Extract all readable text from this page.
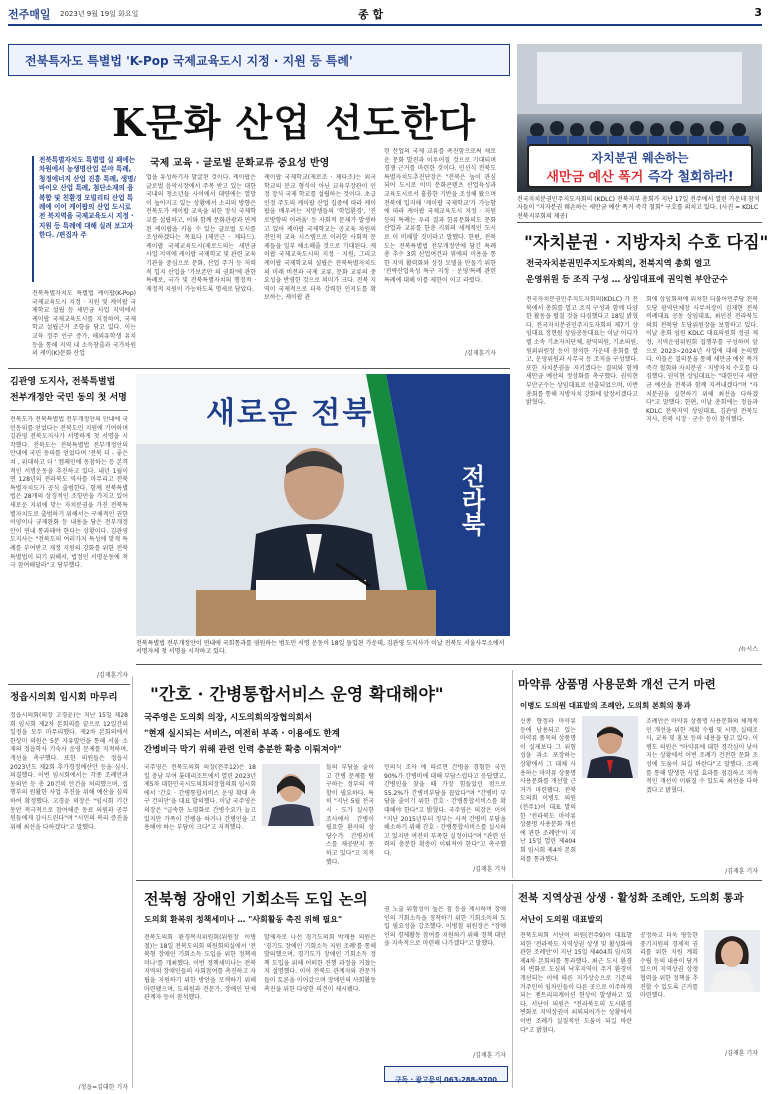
전주매일 2023년 9월 19일 화요일	종 합	3
전북특자도 특별법 'K-Pop 국제교육도시 지정 · 지원 등 특례'
K문화 산업 선도한다
전북특별자치도 특별법 실 패에는 차원에서 농생명산업 분야 특례, 청정에너지 산업 진흥 특례, 생명/바이오 산업 특례, 첨단소재의 융복합 및 친환경 모빌리티 산업 특례에 이어 케이팝의 산업 도시로 전 북지역을 국제교육도시 지정 · 지원 등 특례에 대해 실려 보고자 한다. /편집자 주
국제 교육 · 글로벌 문화교류 중요성 반영
전북특별자치도 특별법 케이팝(K-Pop) 국제교육도시 지정 · 지원 및 케이팝 국제학교 설립 등 새만금 사업 지역에서 케이팝 국제교육도시를 지정하여, 국제학교 설립근거 조항을 담고 있다. 이는 교육 정주 인구 증가, 해외유학생 유치 등을 통해 지역 내 소득창출과 국가차원의 케이(K)문화 산업
업을 유성하기자 발굴된 것이다. 케이팝은 글로벌 음악시장에서 주목 받고 있는 대한 국내의 청소년들 사이에서 대량에는 열망이 높아지고 있는 상황에서 소리의 방향은 전북도가 케이팝 교육을 위한 장식 국제학교를 설립하고, 이와 함께 문화관광과 연계된 케이팝을 키울 수 있는 글로벌 도시를 조성하겠다는 목표다 (제안근 · 제타드). 케이팝 국제교육도시(제로드의는 새만금사업 지역에 케이팝 국제학교 및 관련 교육기관을 중심으로 문화, 산업 주거 등 저력적 입지 산업을 '가보존만 의 권화'에 관한 특례로, 국가 및 전북특별자치의 행정적 · 재정적 지원이 가능하도록 명세로 담았다.
케이팝 국제학교(제로조 · 제타조)는 외국학교의 분교 형식이 아닌 교육부장관이 인정 장식 국제 학교를 설립하는 것이다. 초급 인정 주도의 케이팝 산업 집중에 따라 케이팝을 배우려는 지망생들의 '학업환경', '진로방향의 어려움' 등 사회적 문제가 발생하고 있어 케이팝 국제학교는 공교육 차원의 전인적 교육 시스템으로 이러한 사회적 문제들을 일부 해소해줄 것으로 기대된다. 케이팝 국제교육도시의 지정 · 지원, 그리고 케이팝 국제학교의 설립은 전북특별자치도의 미래 비전과 국제 교류, 문화 교류의 중요성을 반영한 것으로 의미가 크다. 전북 지역이 국제적으로 더욱 강력한 인지도를 확보하는, 케이팝 관
련 산업의 국제 교류를 촉진함으로써 새로운 문화 발전과 이루어질 것으로 기대되며 경쟁 근거를 마련한 것이다. 민선식 전북도 특별자치도추진단장은 "전북은 높이 관심되어 도시로 이미 문화콘텐츠 산업육성과 교육도시로서 훌륭한 기반을 조성해 왔으며 전북에 입지해 '케이팝 국제학교'가 가능함에 따라 케이팝 국제교육도시 지정 · 지원 등의 특례는 우리 결과 한류문화의도 문화산업과 교류를 한층 키워의 세계적인 도시로 이 비해할 것이라고 말했다. 한편, 전북도는 전북특별법 전부개정안에 담긴 특례 총 추수 3회 산업여건과 엮에의 이용을 통한 지역 활력화와 성장 모델을 만들기 위한 '전략산업육성 특구 지정 · 운영'특례 관련 특례에 대해 이를 제한이 이고 라렸다.
/김재훈기자
자치분권 웨손하는
새만금 예산 폭거 즉각 철회하라!
전국자치분권민주지도자회의 (KDLC) 전북지부 총회가 지난 17일 전주에서 열린 가운데 참석자들이 "지자분권 웨손하는 새만금 예산 폭거 즉각 철회" 구호를 외치고 있다. (사진 = KDLC전북지부회의 제공)
"자치분권 · 지방자치 수호 다짐"
전국자치분권민주지도자회의, 전북지역 총회 열고
운영위원 등 조직 구성 … 상임대표에 권익현 부안군수
전국자치분권민주지도자회의(KDLC) 가 전북에서 총회를 열고 조직 구성과 함께 다양한 활동을 펼칠 것을 다짐했다고 18일 밝혔다. 전국자치분권민주지도자회의 제7기 상임대표 정현원 상임공동대표는 이날 어디가별 소속 기초자치단체, 광역의원, 기초의원, 원외위원장 등이 참석한 가운데 총회를 열고, 운영위원과 사무국 등 조직을 구성했다. 또한 자치분권을 지키겠다는 결의와 함께 새만금 예산의 정상화를 촉구했다. 권익현 부안군수는 상임대표로 선출되었으며, 이번 총회를 통해 지방자치 강화에 앞장서겠다고 밝혔다.
회에 상임회의에 위치한 더불어민주당 전북도당 광역단체장 사무처장이 김재현 전북 비례대표 공동 상임대표, 최인진 전라북도의회 전북당 도당위원장을 보험하고 있다. 이날 총회 임원 KDLC 대표의원회 정권 제정, 지역운영위원회 집행부를 구성하며 앞으로 2023~2024년 사업에 대해 논의했다. 이들은 결의문을 통해 새만금 예산 폭거 즉각 철회와 자치분권 · 지방자치 수호를 다짐했다. 권익현 상임대표는 "대한민국 새만금 예산을 전북과 함께 지켜내겠다"며 "자치분권을 실현하기 위해 최선을 다하겠다"고 말했다. 한편, 이날 총회에는 정읍과 KDLC 전북지역 상임대표, 김관영 전북도지사, 전북 시장 · 군수 등이 참석했다.
/뉴시스
김관영 도지사, 전북특별법
전부개정안 국민 동의 첫 서명
전북도가 전북특별법 전부개정안의 안내에 국민동의를 얻었다는 전북도민 지원에 기여하며 김관영 전북도지사가 서명하게 첫 서명을 시작했다. 전북도는 전북특별법 전부개정안의 안내에 국민 동의를 얻었다며 '전북 더 - 좋은 쳐 , 위대하고 더 ' 캠페인에 동참하는 등 본격적인 서명운동을 추진하고 있다. 내년 1월이면 128년의 전라북도 역사를 마무리고 전북특별자치도가 공식 출범한다. 함께 전북특별법은 28개의 상징적인 조항만을 가지고 있어 새로운 지위에 맞는 자치분권을 가진 전북특별자치도로 출범하기 위해서는 구체적인 권한 이양이나 규제완화 등 내용을 담은 전부개정안이 연내 통과돼야 한다는 상황이다. 김관영 도지사는 "전북도의 여러가지 특성에 맞게 특례를 부여받고 재정 지원의 강화를 위한 전북특별법이 되기 위해서, 법정인 서명운동에 적극 참여해달라"고 당부했다.
/김재훈기자
새로운 전북
전라북
전북특별법 전부개정안이 연내에 국회통과를 염원하는 범도민 서명 운동이 18일 돌입된 가운데, 김관영 도지사가 이날 전북도 서울사무소에서 서명자체 첫 서명을 시작하고 있다.
정읍시의회 임시회 마무리
정읍시의회(의장 고경윤)는 지난 15일 제28회 임시회 제2차 본회의를 끝으로 12일간의 일정을 모두 마무리했다. 제2차 본회의에서 한상미 의원은 5분 자유발언을 통해 서울 소재의 정읍학사 기숙사 운영 문제를 지적하며, 개선을 촉구했다. 또한 의원들은 정읍시 2023년도 제2회 추가경정예산안 등을 심사, 의결했다. 이번 임시회에서는 각종 조례안과 동의안 등 총 20건의 안건을 처리했으며, 집행부의 원활한 사업 추진을 위해 예산을 심의하여 확정했다. 고경윤 의장은 "임시회 기간 동안 적극적으로 참여해준 동료 의원과 공무원들에게 감사드린다"며 "시민의 복리 증진을 위해 최선을 다하겠다"고 말했다.
/정읍=김대한 기자
"간호 · 간병통합서비스 운영 확대해야"
국주영은 도의회 의장, 시도의회의장협의회서
"현재 실시되는 서비스, 여전히 부족 · 이용에도 한계
간병비극 막기 위해 관련 인력 충분한 확충 이뤄져야"
국주영은 전북도의회 의장(전주12)은 18일 충남 부여 롯데리조트에서 열린 2023년 제5차 대한민국시도의회의장협의회 임시회에서 '간호 · 간병통합서비스 운영 확대 촉구 건의안'을 대표 발의했다. 이날 국주영은 의장은 "급속한 노령화로 간병수요가 늘고 있지만 가족이 간병을 하거나 간병인을 고용해야 하는 부담이 크다"고 지적했다.
들의 부담을 줄이고 간병 문제를 탐구하는 정부의 역할이 필요하다. 특히 "지난 5월 전국 시 · 도가 실시한 조사에서 간병이 필요한 환자의 상당수가 간병서비스를 제공받지 못하고 있다"고 지적했다.
민의식 조사 에 따르면 간병을 경험한 국민 90%가 간병비에 대해 부담스럽다고 응답했고, 간병인을 찾을 때 가장 힘들었던 점으로 55.2%가 간병비부담을 꼽았다"며 "간병비 부담을 줄이기 위한 간호 · 간병통합서비스를 확대해야 한다"고 밝혔다. 국주영은 의장은 이어 "지난 2015년부터 정부는 사적 간병비 부담을 해소하기 위해 간호 · 간병통합서비스를 실시하고 있지만 여전히 부족한 실정이다"며 "관련 인력의 충분한 확충이 이뤄져야 한다"고 촉구했다.
/김재훈 기자
마약류 상품명 사용문화 개선 근거 마련
이병도 도의원 대표발의 조례안, 도의회 본회의 통과
신종 향정과 마약류 등에 남용되고 있는 마약류 품목의 상품명이 실제보다 그 위험성을 과소 포장하는 상황에서 그 대체 사용하는 마약류 상품명 사용문화를 개선할 근거가 마련됐다. 전북도의회 이병도 의원(전주1)이 대표 발의한 '전라북도 마약류 상품명 사용문화 개선에 관한 조례안'이 지난 15일 열린 제404회 임시회 제4차 본회의를 통과했다.
조례안은 마약류 상품명 사용문화의 체계적인 개선을 위한 계획 수립 및 시행, 실태조사, 교육 및 홍보 등의 내용을 담고 있다. 이병도 의원은 "마약류에 대한 경각심이 낮아지는 상황에서 이번 조례가 건전한 문화 조성에 도움이 되길 바란다"고 말했다. 조례를 통해 발생한 사업 효과를 점검하고 지속적인 개선이 이뤄질 수 있도록 최선을 다하겠다고 밝혔다.
/김재훈 기자
전북형 장애인 기회소득 도입 논의
도의회 환복위 정책세미나 … "사회활동 촉진 위해 필요"
전북도의회 환경복지위원회(위원장 이병철)는 18일 전북도의회 의원회의실에서 '전북형 장애인 기회소득 도입을 위한 정책세미나'를 개최했다. 이번 정책세미나는 전북 지역의 장애인들의 사회참여를 촉진하고 자립을 지원하기 위한 방안을 모색하기 위해 마련됐으며, 도의원과 전문가, 장애인 단체 관계자 등이 참석했다.
발제자로 나선 경기도의회 박재용 의원은 '경기도 장애인 기회소득 지원 조례'를 통해 발의했으며, 경기도가 장애인 기회소득 정책 도입을 위해 어떠한 진행 과정을 거쳤는지 설명했다. 이어 전북도 관계자와 전문가들이 토론을 이어갔으며 장애인의 사회활동 촉진을 위한 다양한 의견이 제시됐다.
권 노출 위험성이 높은 점 등을 제시하며 장애인의 기회소득을 정착하기 위한 기회소득의 도입 필요성을 강조했다. 이병철 위원장은 "장애인의 경제활동 참여를 지원하기 위해 정책 대안을 지속적으로 마련해 나가겠다"고 말했다.
/김재훈 기자
구독 · 광고문의 063-288-9700
전북 지역상권 상생 · 활성화 조례안, 도의회 통과
서난이 도의원 대표발의
전북도의회 서난이 의원(전주9)이 대표발의한 '전라북도 지역상권 상생 및 활성화에 관한 조례안'이 지난 15일 제404회 임시회 제4차 본회의를 통과했다. 최근 도시 환경의 변화로 도심의 낙후지역이 주거 환경이 개선되는 이에 따른 지가상승으로 기존의 거주민이 임차인들이 다른 곳으로 이주하게 되는 젠트리피케이션 현상이 발생하고 있다. 서난이 의원은 "전라북도의 도시환경 변화로 지역상권이 쇠퇴되어가는 상황에서 이번 조례가 실질적인 도움이 되길 바란다"고 밝혔다.
공정하고 더욱 평등한 중기지원의 경제적 권리를 위한 지원 계획 수립 등의 내용이 담겨 있으며 지역상권 상생협력을 위한 정책을 추진할 수 있도록 근거를 마련했다.
/김재훈 기자
